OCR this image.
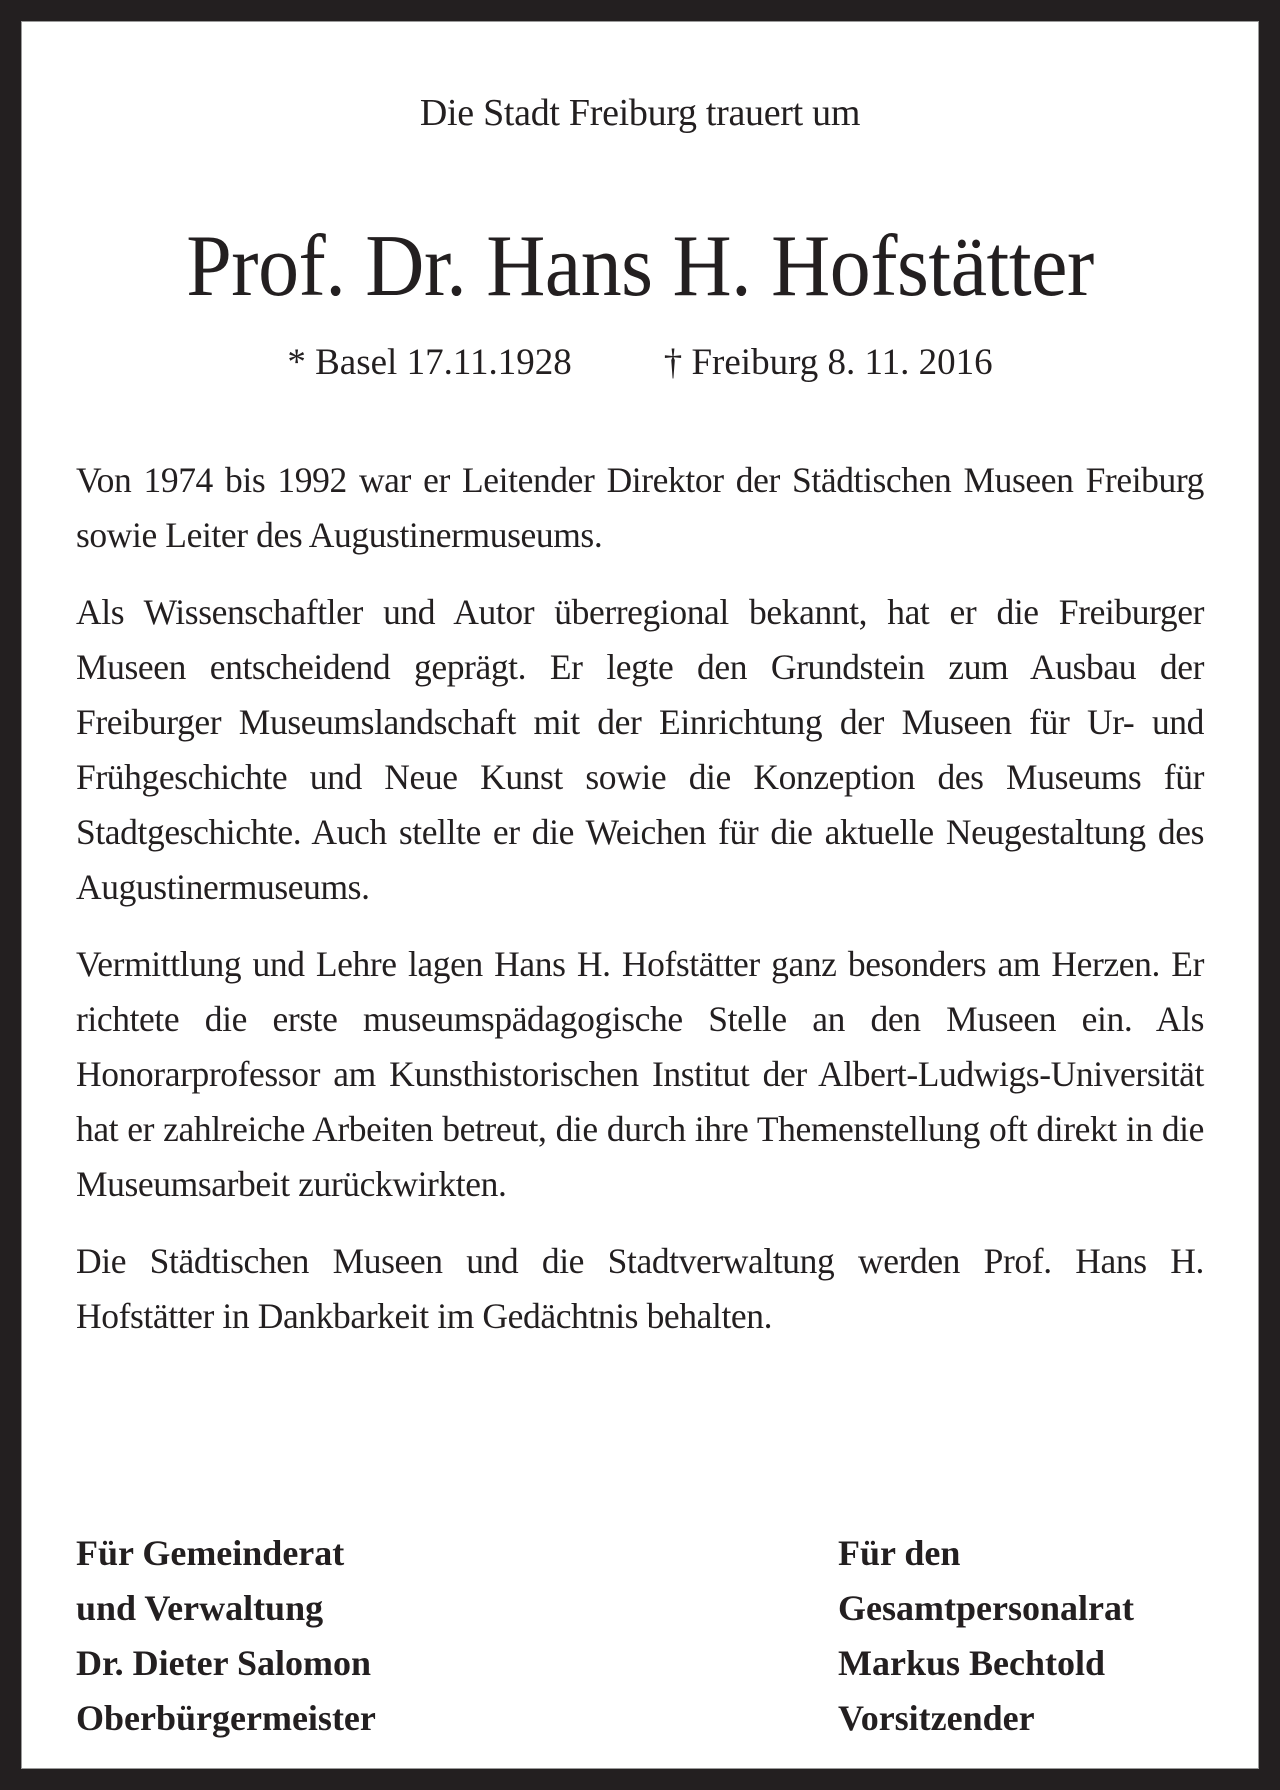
Die Stadt Freiburg trauert um
Prof. Dr. Hans H. Hofstätter
* Basel 17.11.1928 † Freiburg 8. 11. 2016

Von 1974 bis 1992 war er Leitender Direktor der Städtischen Museen Freiburg sowie Leiter des Augustinermuseums.

Als Wissenschaftler und Autor überregional bekannt, hat er die Freiburger Museen entscheidend geprägt. Er legte den Grundstein zum Ausbau der Freiburger Museumslandschaft mit der Einrichtung der Museen für Ur- und Frühgeschichte und Neue Kunst sowie die Konzeption des Museums für Stadtgeschichte. Auch stellte er die Weichen für die aktuelle Neugestaltung des Augustinermuseums.

Vermittlung und Lehre lagen Hans H. Hofstätter ganz besonders am Herzen. Er richtete die erste museumspädagogische Stelle an den Museen ein. Als Honorarprofessor am Kunsthistorischen Institut der Albert-Ludwigs-Universität hat er zahlreiche Arbeiten betreut, die durch ihre Themenstellung oft direkt in die Museumsarbeit zurückwirkten.

Die Städtischen Museen und die Stadtverwaltung werden Prof. Hans H. Hofstätter in Dankbarkeit im Gedächtnis behalten.

Für Gemeinderat
und Verwaltung
Dr. Dieter Salomon
Oberbürgermeister
Für den
Gesamtpersonalrat
Markus Bechtold
Vorsitzender
